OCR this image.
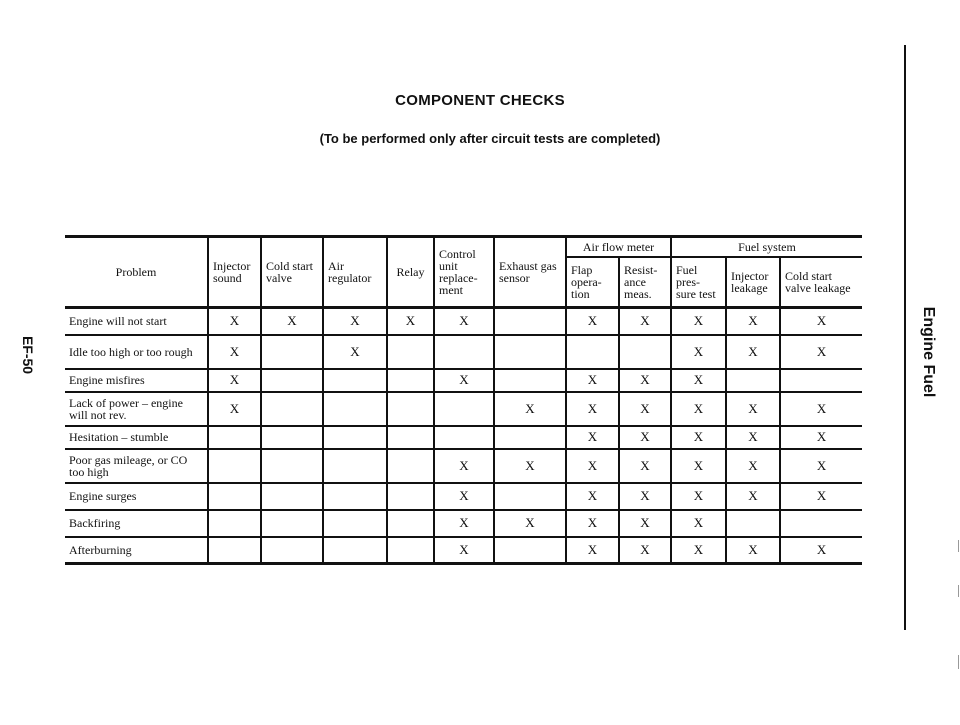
EF-50
COMPONENT CHECKS
(To be performed only after circuit tests are completed)
Engine Fuel
Problem	Injector sound	Cold start valve	Air regulator	Relay	Control unit replace- ment	Exhaust gas sensor	Air flow meter		Fuel system		
							Flap opera- tion	Resist- ance meas.	Fuel pres- sure test	Injector leakage	Cold start valve leakage
Engine will not start	X	X	X	X	X		X	X	X	X	X
Idle too high or too rough	X		X						X	X	X
Engine misfires	X				X		X	X	X		
Lack of power – engine will not rev.	X					X	X	X	X	X	X
Hesitation – stumble							X	X	X	X	X
Poor gas mileage, or CO too high					X	X	X	X	X	X	X
Engine surges					X		X	X	X	X	X
Backfiring					X	X	X	X	X		
Afterburning					X		X	X	X	X	X
